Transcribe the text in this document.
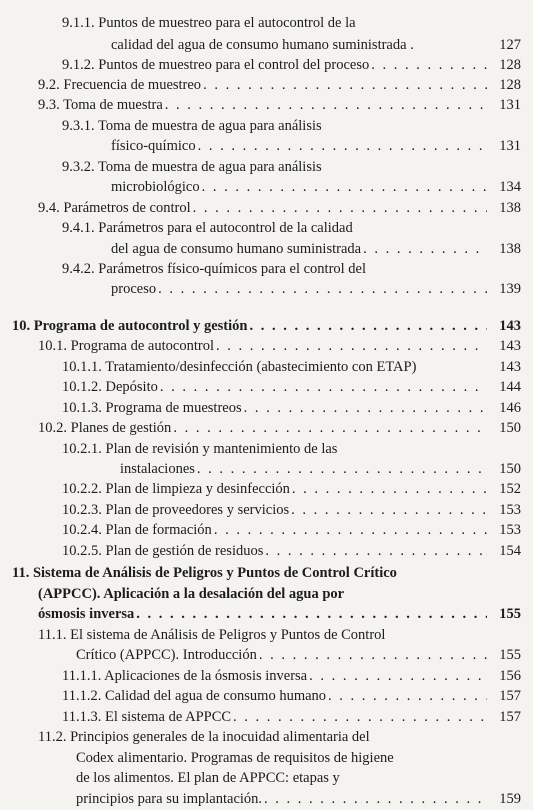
9.1.1. Puntos de muestreo para el autocontrol de la
calidad del agua de consumo humano suministrada .	127
9.1.2. Puntos de muestreo para el control del proceso . . .	128
9.2. Frecuencia de muestreo . . .	128
9.3. Toma de muestra . . .	131
9.3.1. Toma de muestra de agua para análisis
físico-químico . . .	131
9.3.2. Toma de muestra de agua para análisis
microbiológico . . .	134
9.4. Parámetros de control . . .	138
9.4.1. Parámetros para el autocontrol de la calidad
del agua de consumo humano suministrada . . .	138
9.4.2. Parámetros físico-químicos para el control del
proceso . . .	139
10. Programa de autocontrol y gestión . . .	143
10.1. Programa de autocontrol . . .	143
10.1.1. Tratamiento/desinfección (abastecimiento con ETAP)	143
10.1.2. Depósito . . .	144
10.1.3. Programa de muestreos . . .	146
10.2. Planes de gestión . . .	150
10.2.1. Plan de revisión y mantenimiento de las
instalaciones . . .	150
10.2.2. Plan de limpieza y desinfección . . .	152
10.2.3. Plan de proveedores y servicios . . .	153
10.2.4. Plan de formación . . .	153
10.2.5. Plan de gestión de residuos . . .	154
11. Sistema de Análisis de Peligros y Puntos de Control Crítico
(APPCC). Aplicación a la desalación del agua por
ósmosis inversa . . .	155
11.1. El sistema de Análisis de Peligros y Puntos de Control
Crítico (APPCC). Introducción . . .	155
11.1.1. Aplicaciones de la ósmosis inversa . . .	156
11.1.2. Calidad del agua de consumo humano . . .	157
11.1.3. El sistema de APPCC . . .	157
11.2. Principios generales de la inocuidad alimentaria del
Codex alimentario. Programas de requisitos de higiene
de los alimentos. El plan de APPCC: etapas y
principios para su implantación. . . .	159
